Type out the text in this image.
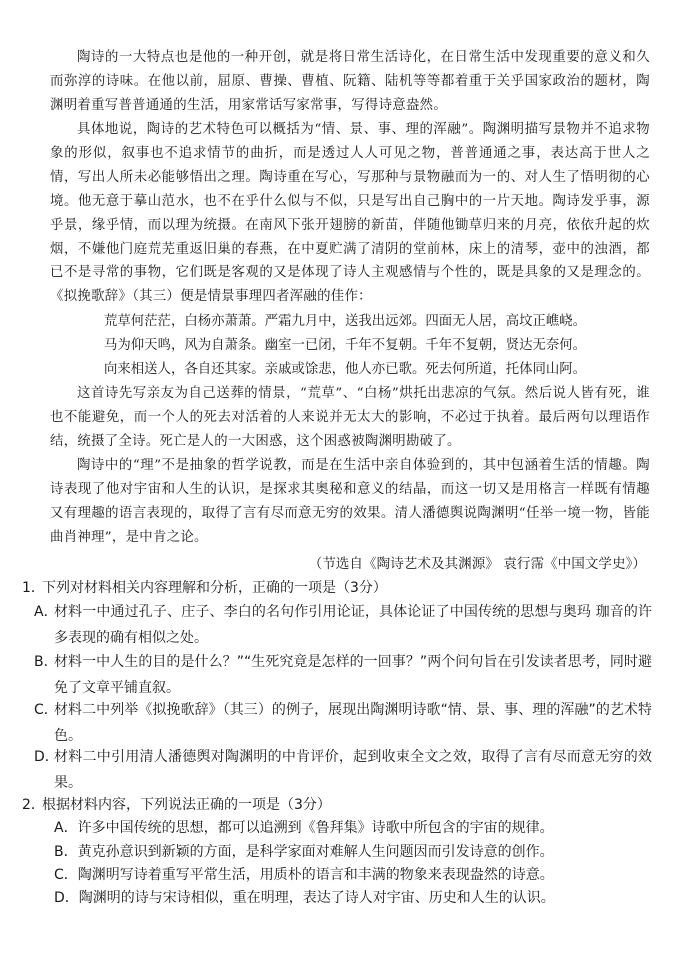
陶诗的一大特点也是他的一种开创，就是将日常生活诗化，在日常生活中发现重要的意义和久而弥淳的诗味。在他以前，屈原、曹操、曹植、阮籍、陆机等等都着重于关乎国家政治的题材，陶渊明着重写普普通通的生活，用家常话写家常事，写得诗意盎然。
具体地说，陶诗的艺术特色可以概括为“情、景、事、理的浑融”。陶渊明描写景物并不追求物象的形似，叙事也不追求情节的曲折，而是透过人人可见之物，普普通通之事，表达高于世人之情，写出人所未必能够悟出之理。陶诗重在写心，写那种与景物融而为一的、对人生了悟明彻的心境。他无意于摹山范水，也不在乎什么似与不似，只是写出自己胸中的一片天地。陶诗发乎事，源乎景，缘乎情，而以理为统摄。在南风下张开翅膀的新苗，伴随他锄草归来的月亮，依依升起的炊烟，不嫌他门庭荒芜重返旧巢的春燕，在中夏贮满了清阴的堂前林，床上的清琴，壶中的浊酒，都已不是寻常的事物，它们既是客观的又是体现了诗人主观感情与个性的，既是具象的又是理念的。《拟挽歌辞》（其三）便是情景事理四者浑融的佳作：
荒草何茫茫，白杨亦萧萧。严霜九月中，送我出远郊。四面无人居，高坟正嶕峣。
马为仰天鸣，风为自萧条。幽室一已闭，千年不复朝。千年不复朝，贤达无奈何。
向来相送人，各自还其家。亲戚或馀悲，他人亦已歌。死去何所道，托体同山阿。
这首诗先写亲友为自己送葬的情景，“荒草”、“白杨”烘托出悲凉的气氛。然后说人皆有死，谁也不能避免，而一个人的死去对活着的人来说并无太大的影响，不必过于执着。最后两句以理语作结，统摄了全诗。死亡是人的一大困惑，这个困惑被陶渊明勘破了。
陶诗中的“理”不是抽象的哲学说教，而是在生活中亲自体验到的，其中包涵着生活的情趣。陶诗表现了他对宇宙和人生的认识，是探求其奥秘和意义的结晶，而这一切又是用格言一样既有情趣又有理趣的语言表现的，取得了言有尽而意无穷的效果。清人潘德舆说陶渊明“任举一境一物，皆能曲肖神理”，是中肯之论。
（节选自《陶诗艺术及其渊源》 袁行霈《中国文学史》）
1．下列对材料相关内容理解和分析，正确的一项是（3分）
A．
材料一中通过孔子、庄子、李白的名句作引用论证，具体论证了中国传统的思想与奥玛 珈音的许多表现的确有相似之处。
B．
材料一中人生的目的是什么？”“生死究竟是怎样的一回事？”两个问句旨在引发读者思考，同时避免了文章平铺直叙。
C．
材料二中列举《拟挽歌辞》（其三）的例子，展现出陶渊明诗歌“情、景、事、理的浑融”的艺术特色。
D．
材料二中引用清人潘德舆对陶渊明的中肯评价，起到收束全文之效，取得了言有尽而意无穷的效果。
2．根据材料内容，下列说法正确的一项是（3分）
A．许多中国传统的思想，都可以追溯到《鲁拜集》诗歌中所包含的宇宙的规律。
B．黄克孙意识到新颖的方面，是科学家面对难解人生问题因而引发诗意的创作。
C．陶渊明写诗着重写平常生活，用质朴的语言和丰满的物象来表现盎然的诗意。
D．陶渊明的诗与宋诗相似，重在明理，表达了诗人对宇宙、历史和人生的认识。
